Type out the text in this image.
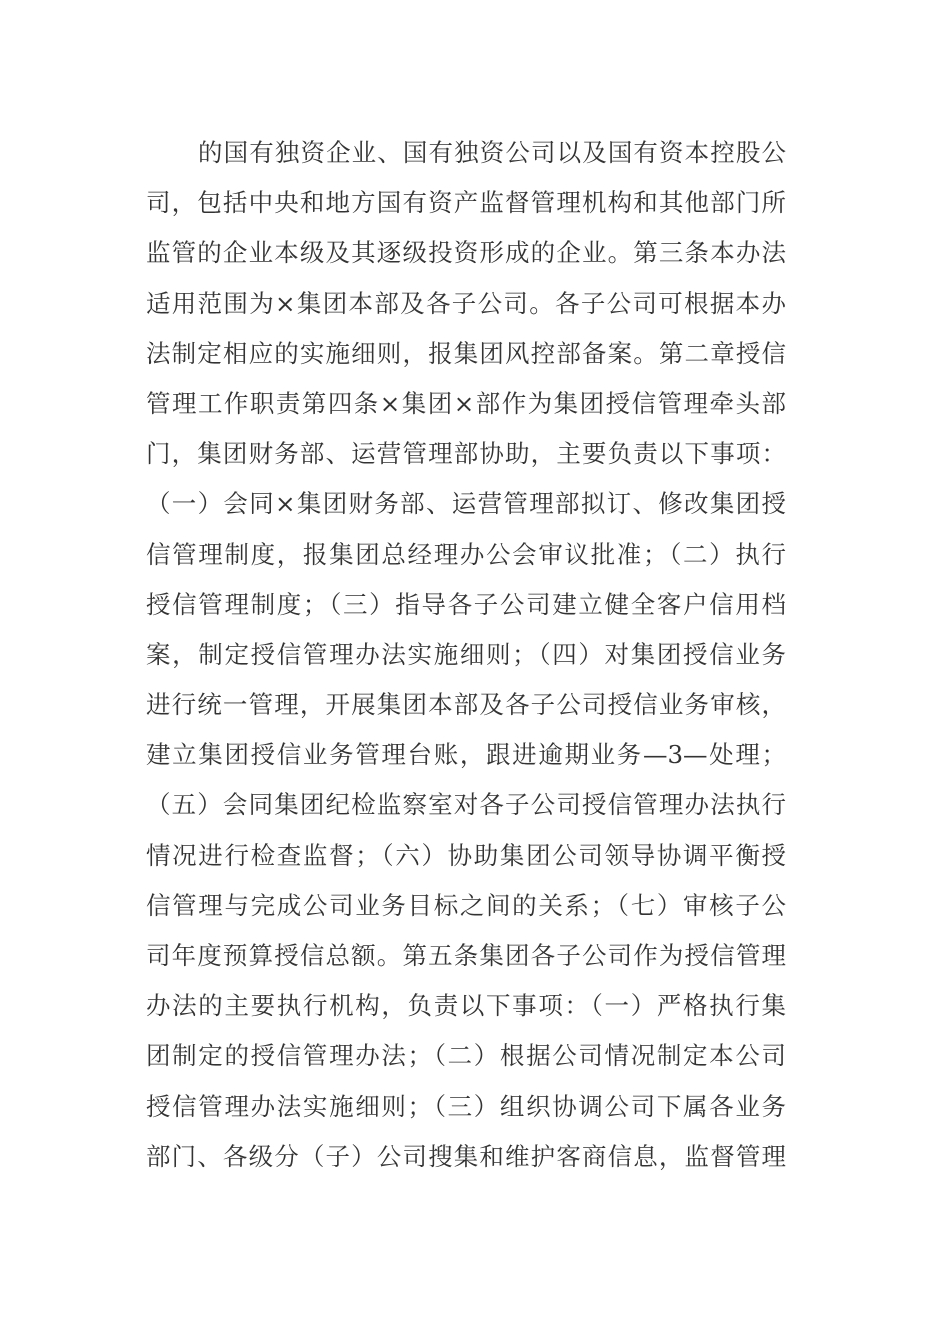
的国有独资企业、国有独资公司以及国有资本控股公
司，包括中央和地方国有资产监督管理机构和其他部门所
监管的企业本级及其逐级投资形成的企业。第三条本办法
适用范围为×集团本部及各子公司。各子公司可根据本办
法制定相应的实施细则，报集团风控部备案。第二章授信
管理工作职责第四条×集团×部作为集团授信管理牵头部
门，集团财务部、运营管理部协助，主要负责以下事项：
（一）会同×集团财务部、运营管理部拟订、修改集团授
信管理制度，报集团总经理办公会审议批准；（二）执行
授信管理制度；（三）指导各子公司建立健全客户信用档
案，制定授信管理办法实施细则；（四）对集团授信业务
进行统一管理，开展集团本部及各子公司授信业务审核，
建立集团授信业务管理台账，跟进逾期业务—3—处理；
（五）会同集团纪检监察室对各子公司授信管理办法执行
情况进行检查监督；（六）协助集团公司领导协调平衡授
信管理与完成公司业务目标之间的关系；（七）审核子公
司年度预算授信总额。第五条集团各子公司作为授信管理
办法的主要执行机构，负责以下事项：（一）严格执行集
团制定的授信管理办法；（二）根据公司情况制定本公司
授信管理办法实施细则；（三）组织协调公司下属各业务
部门、各级分（子）公司搜集和维护客商信息，监督管理
